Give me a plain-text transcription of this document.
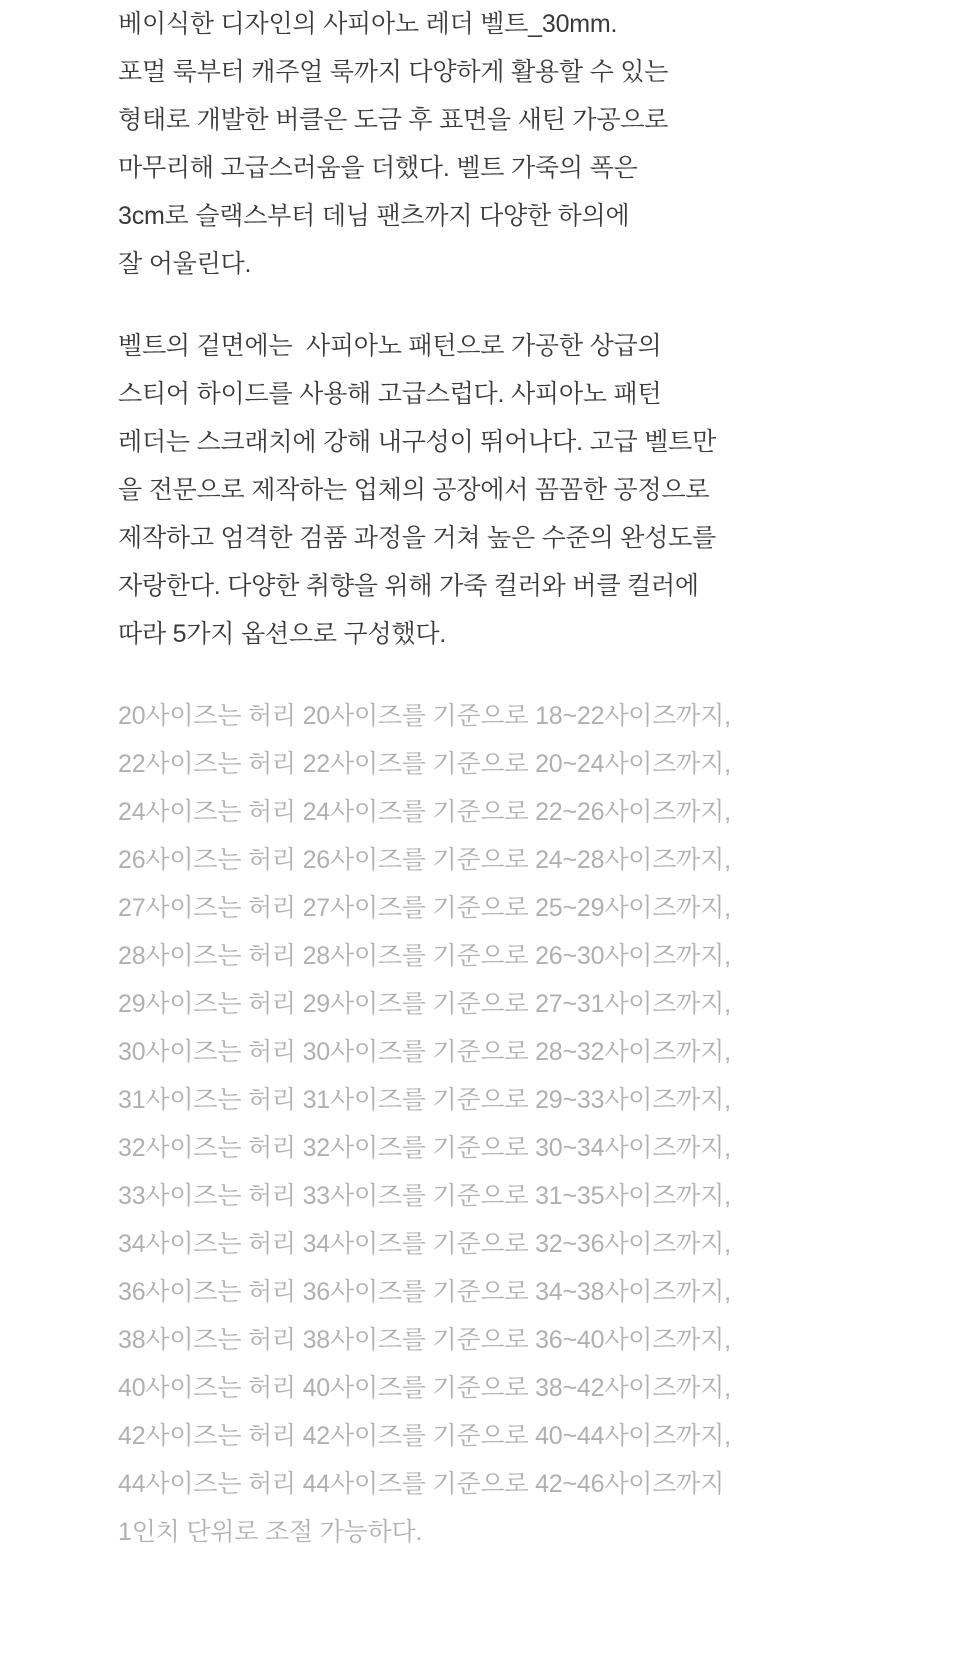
베이식한 디자인의 사피아노 레더 벨트_30mm.
포멀 룩부터 캐주얼 룩까지 다양하게 활용할 수 있는
형태로 개발한 버클은 도금 후 표면을 새틴 가공으로
마무리해 고급스러움을 더했다. 벨트 가죽의 폭은
3cm로 슬랙스부터 데님 팬츠까지 다양한 하의에
잘 어울린다.

벨트의 겉면에는  사피아노 패턴으로 가공한 상급의
스티어 하이드를 사용해 고급스럽다. 사피아노 패턴
레더는 스크래치에 강해 내구성이 뛰어나다. 고급 벨트만
을 전문으로 제작하는 업체의 공장에서 꼼꼼한 공정으로
제작하고 엄격한 검품 과정을 거쳐 높은 수준의 완성도를
자랑한다. 다양한 취향을 위해 가죽 컬러와 버클 컬러에
따라 5가지 옵션으로 구성했다.

20사이즈는 허리 20사이즈를 기준으로 18~22사이즈까지,
22사이즈는 허리 22사이즈를 기준으로 20~24사이즈까지,
24사이즈는 허리 24사이즈를 기준으로 22~26사이즈까지,
26사이즈는 허리 26사이즈를 기준으로 24~28사이즈까지,
27사이즈는 허리 27사이즈를 기준으로 25~29사이즈까지,
28사이즈는 허리 28사이즈를 기준으로 26~30사이즈까지,
29사이즈는 허리 29사이즈를 기준으로 27~31사이즈까지,
30사이즈는 허리 30사이즈를 기준으로 28~32사이즈까지,
31사이즈는 허리 31사이즈를 기준으로 29~33사이즈까지,
32사이즈는 허리 32사이즈를 기준으로 30~34사이즈까지,
33사이즈는 허리 33사이즈를 기준으로 31~35사이즈까지,
34사이즈는 허리 34사이즈를 기준으로 32~36사이즈까지,
36사이즈는 허리 36사이즈를 기준으로 34~38사이즈까지,
38사이즈는 허리 38사이즈를 기준으로 36~40사이즈까지,
40사이즈는 허리 40사이즈를 기준으로 38~42사이즈까지,
42사이즈는 허리 42사이즈를 기준으로 40~44사이즈까지,
44사이즈는 허리 44사이즈를 기준으로 42~46사이즈까지
1인치 단위로 조절 가능하다.
